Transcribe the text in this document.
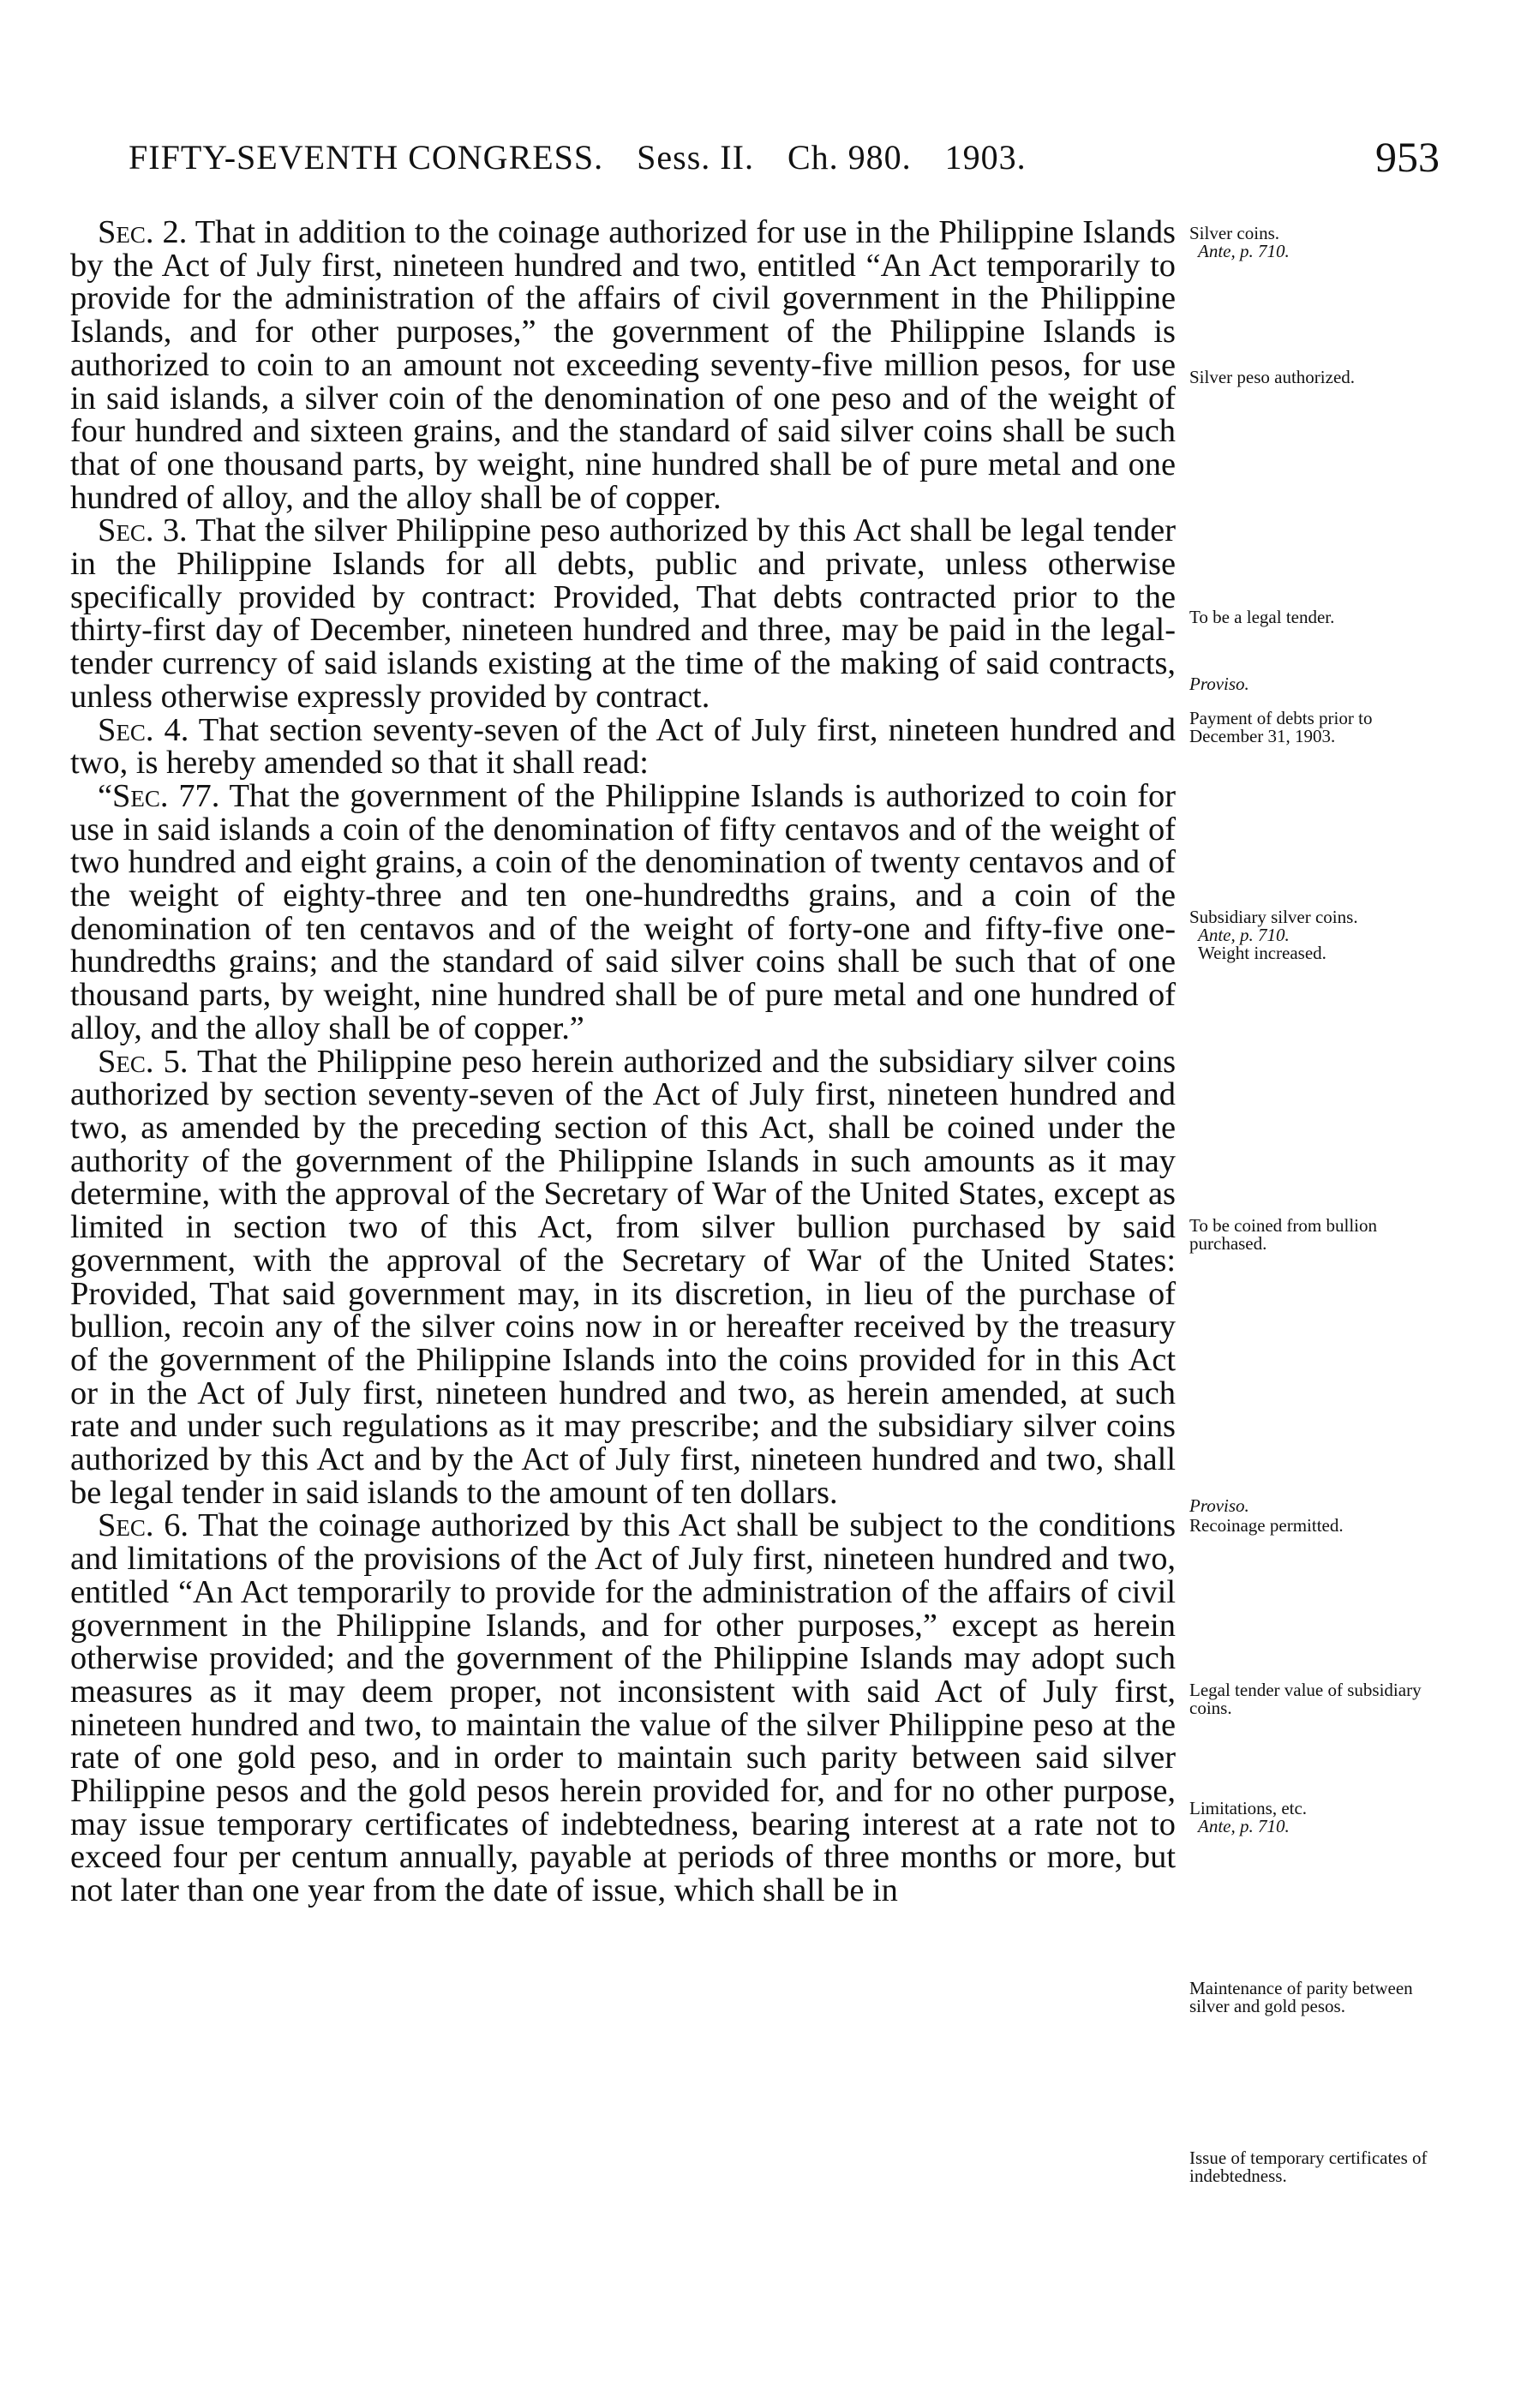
FIFTY-SEVENTH CONGRESS. Sess. II. Ch. 980. 1903.	953

Sec. 2. That in addition to the coinage authorized for use in the Philippine Islands by the Act of July first, nineteen hundred and two, entitled “An Act temporarily to provide for the administration of the affairs of civil government in the Philippine Islands, and for other purposes,” the government of the Philippine Islands is authorized to coin to an amount not exceeding seventy-five million pesos, for use in said islands, a silver coin of the denomination of one peso and of the weight of four hundred and sixteen grains, and the standard of said silver coins shall be such that of one thousand parts, by weight, nine hundred shall be of pure metal and one hundred of alloy, and the alloy shall be of copper.

Sec. 3. That the silver Philippine peso authorized by this Act shall be legal tender in the Philippine Islands for all debts, public and private, unless otherwise specifically provided by contract: Provided, That debts contracted prior to the thirty-first day of December, nineteen hundred and three, may be paid in the legal-tender currency of said islands existing at the time of the making of said contracts, unless otherwise expressly provided by contract.

Sec. 4. That section seventy-seven of the Act of July first, nineteen hundred and two, is hereby amended so that it shall read:

“Sec. 77. That the government of the Philippine Islands is authorized to coin for use in said islands a coin of the denomination of fifty centavos and of the weight of two hundred and eight grains, a coin of the denomination of twenty centavos and of the weight of eighty-three and ten one-hundredths grains, and a coin of the denomination of ten centavos and of the weight of forty-one and fifty-five one-hundredths grains; and the standard of said silver coins shall be such that of one thousand parts, by weight, nine hundred shall be of pure metal and one hundred of alloy, and the alloy shall be of copper.”

Sec. 5. That the Philippine peso herein authorized and the subsidiary silver coins authorized by section seventy-seven of the Act of July first, nineteen hundred and two, as amended by the preceding section of this Act, shall be coined under the authority of the government of the Philippine Islands in such amounts as it may determine, with the approval of the Secretary of War of the United States, except as limited in section two of this Act, from silver bullion purchased by said government, with the approval of the Secretary of War of the United States: Provided, That said government may, in its discretion, in lieu of the purchase of bullion, recoin any of the silver coins now in or hereafter received by the treasury of the government of the Philippine Islands into the coins provided for in this Act or in the Act of July first, nineteen hundred and two, as herein amended, at such rate and under such regulations as it may prescribe; and the subsidiary silver coins authorized by this Act and by the Act of July first, nineteen hundred and two, shall be legal tender in said islands to the amount of ten dollars.

Sec. 6. That the coinage authorized by this Act shall be subject to the conditions and limitations of the provisions of the Act of July first, nineteen hundred and two, entitled “An Act temporarily to provide for the administration of the affairs of civil government in the Philippine Islands, and for other purposes,” except as herein otherwise provided; and the government of the Philippine Islands may adopt such measures as it may deem proper, not inconsistent with said Act of July first, nineteen hundred and two, to maintain the value of the silver Philippine peso at the rate of one gold peso, and in order to maintain such parity between said silver Philippine pesos and the gold pesos herein provided for, and for no other purpose, may issue temporary certificates of indebtedness, bearing interest at a rate not to exceed four per centum annually, payable at periods of three months or more, but not later than one year from the date of issue, which shall be in

Silver coins.
Ante, p. 710.
Silver peso authorized.
To be a legal tender.
Proviso.
Payment of debts prior to December 31, 1903.
Subsidiary silver coins.
Ante, p. 710.
Weight increased.
To be coined from bullion purchased.
Proviso.
Recoinage permitted.
Legal tender value of subsidiary coins.
Limitations, etc.
Ante, p. 710.
Maintenance of parity between silver and gold pesos.
Issue of temporary certificates of indebtedness.
